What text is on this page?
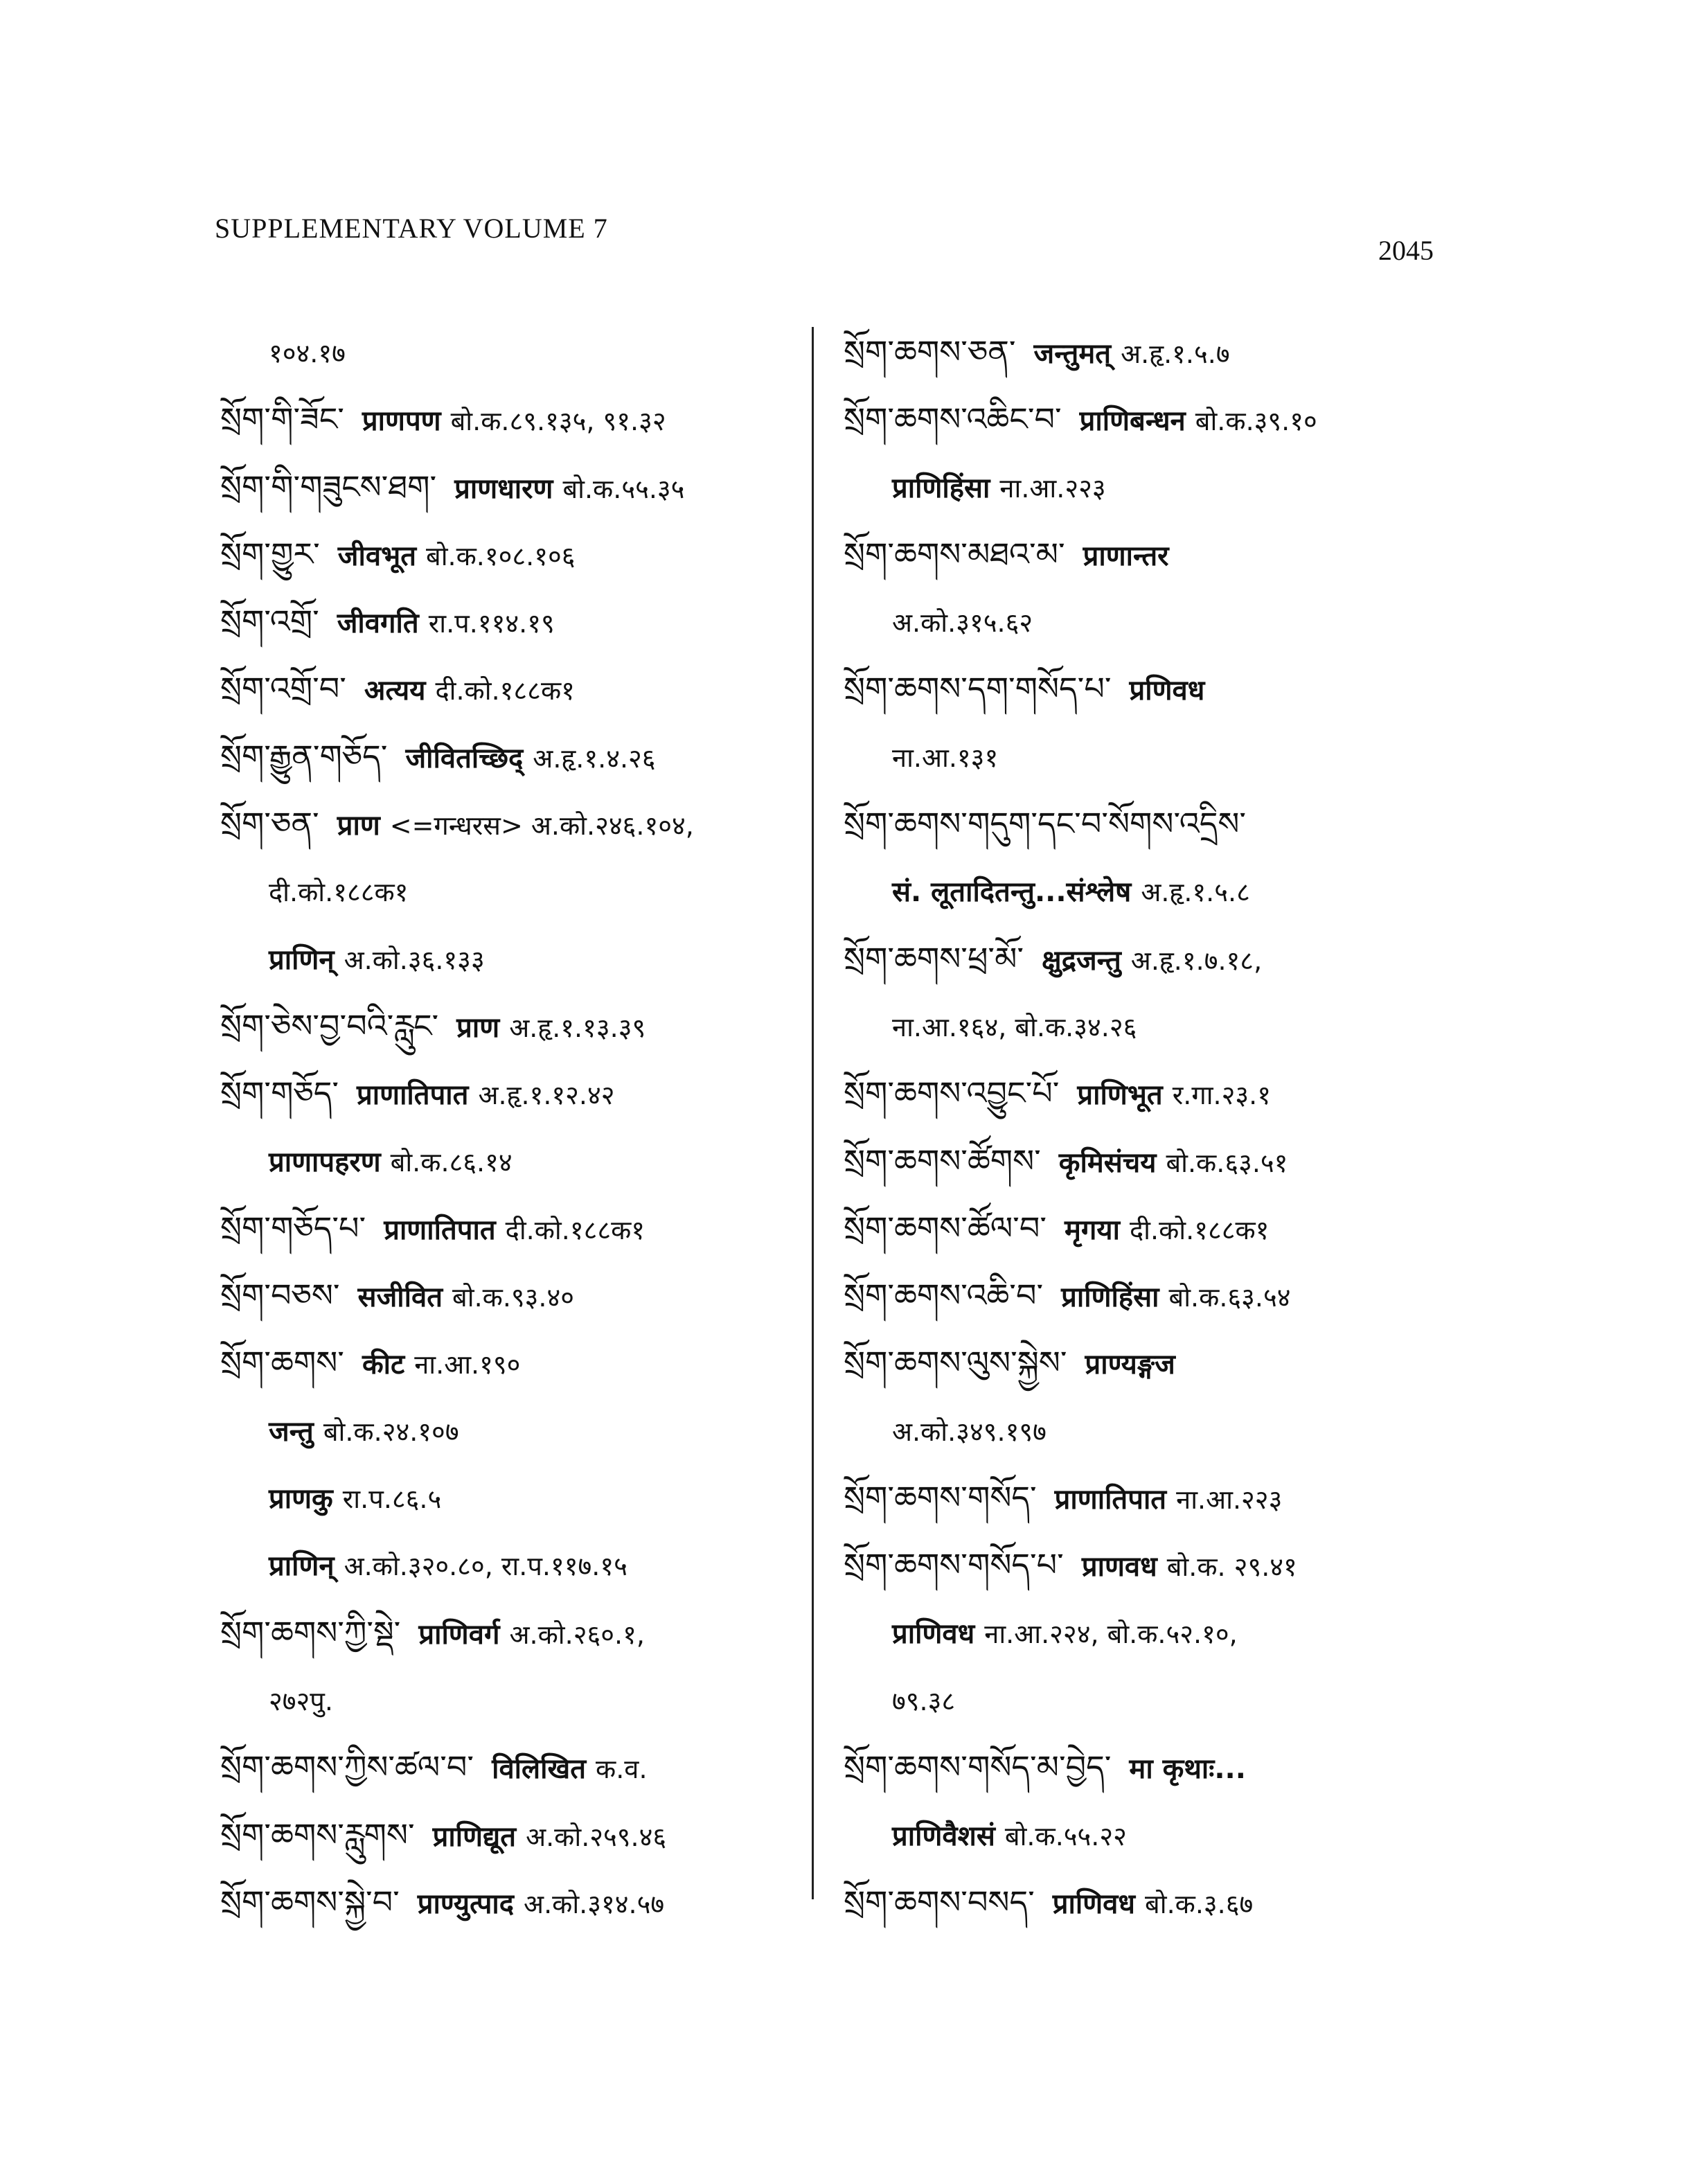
SUPPLEMENTARY VOLUME 7
2045
१०४.१७
སྲོག་གི་ཟོང་ प्राणपण बो.क.८९.१३५, ९१.३२
སྲོག་གི་གཟུངས་ཐག་ प्राणधारण बो.क.५५.३५
སྲོག་གྱུར་ जीवभूत बो.क.१०८.१०६
སྲོག་འགྲོ་ जीवगति रा.प.११४.१९
སྲོག་འགྲོ་བ་ अत्यय दी.को.१८८क१
སྲོག་རྒྱུན་གཅོད་ जीवितच्छिद् अ.हृ.१.४.२६
སྲོག་ཅན་ प्राण <=गन्धरस> अ.को.२४६.१०४,
दी.को.१८८क१
प्राणिन् अ.को.३६.१३३
སྲོག་ཅེས་བྱ་བའི་རླུང་ प्राण अ.हृ.१.१३.३९
སྲོག་གཅོད་ प्राणातिपात अ.हृ.१.१२.४२
प्राणापहरण बो.क.८६.१४
སྲོག་གཅོད་པ་ प्राणातिपात दी.को.१८८क१
སྲོག་བཅས་ सजीवित बो.क.९३.४०
སྲོག་ཆགས་ कीट ना.आ.१९०
जन्तु बो.क.२४.१०७
प्राणकु रा.प.८६.५
प्राणिन् अ.को.३२०.८०, रा.प.११७.१५
སྲོག་ཆགས་ཀྱི་སྡེ་ प्राणिवर्ग अ.को.२६०.१,
२७२पु.
སྲོག་ཆགས་ཀྱིས་ཚལ་བ་ विलिखित क.व.
སྲོག་ཆགས་རླུགས་ प्राणिद्यूत अ.को.२५९.४६
སྲོག་ཆགས་སྐྱེ་བ་ प्राण्युत्पाद अ.को.३१४.५७
སྲོག་ཆགས་ཅན་ जन्तुमत् अ.हृ.१.५.७
སྲོག་ཆགས་འཆིང་བ་ प्राणिबन्धन बो.क.३९.१०
प्राणिहिंसा ना.आ.२२३
སྲོག་ཆགས་མཐའ་མ་ प्राणान्तर
अ.को.३१५.६२
སྲོག་ཆགས་དག་གསོད་པ་ प्रणिवध
ना.आ.१३१
སྲོག་ཆགས་གདུག་དང་བ་སོགས་འདྲིས་
सं. लूतादितन्तु...संश्लेष अ.हृ.१.५.८
སྲོག་ཆགས་ཕྲ་མོ་ क्षुद्रजन्तु अ.हृ.१.७.१८,
ना.आ.१६४, बो.क.३४.२६
སྲོག་ཆགས་འབྱུང་པོ་ प्राणिभूत र.गा.२३.१
སྲོག་ཆགས་ཚོགས་ कृमिसंचय बो.क.६३.५१
སྲོག་ཆགས་ཚོལ་བ་ मृगया दी.को.१८८क१
སྲོག་ཆགས་འཆི་བ་ प्राणिहिंसा बो.क.६३.५४
སྲོག་ཆགས་ལུས་སྐྱེས་ प्राण्यङ्गज
अ.को.३४९.१९७
སྲོག་ཆགས་གསོད་ प्राणातिपात ना.आ.२२३
སྲོག་ཆགས་གསོད་པ་ प्राणवध बो.क. २९.४१
प्राणिवध ना.आ.२२४, बो.क.५२.१०,
७९.३८
སྲོག་ཆགས་གསོད་མ་བྱེད་ मा कृथाः...
प्राणिवैशसं बो.क.५५.२२
སྲོག་ཆགས་བསད་ प्राणिवध बो.क.३.६७
